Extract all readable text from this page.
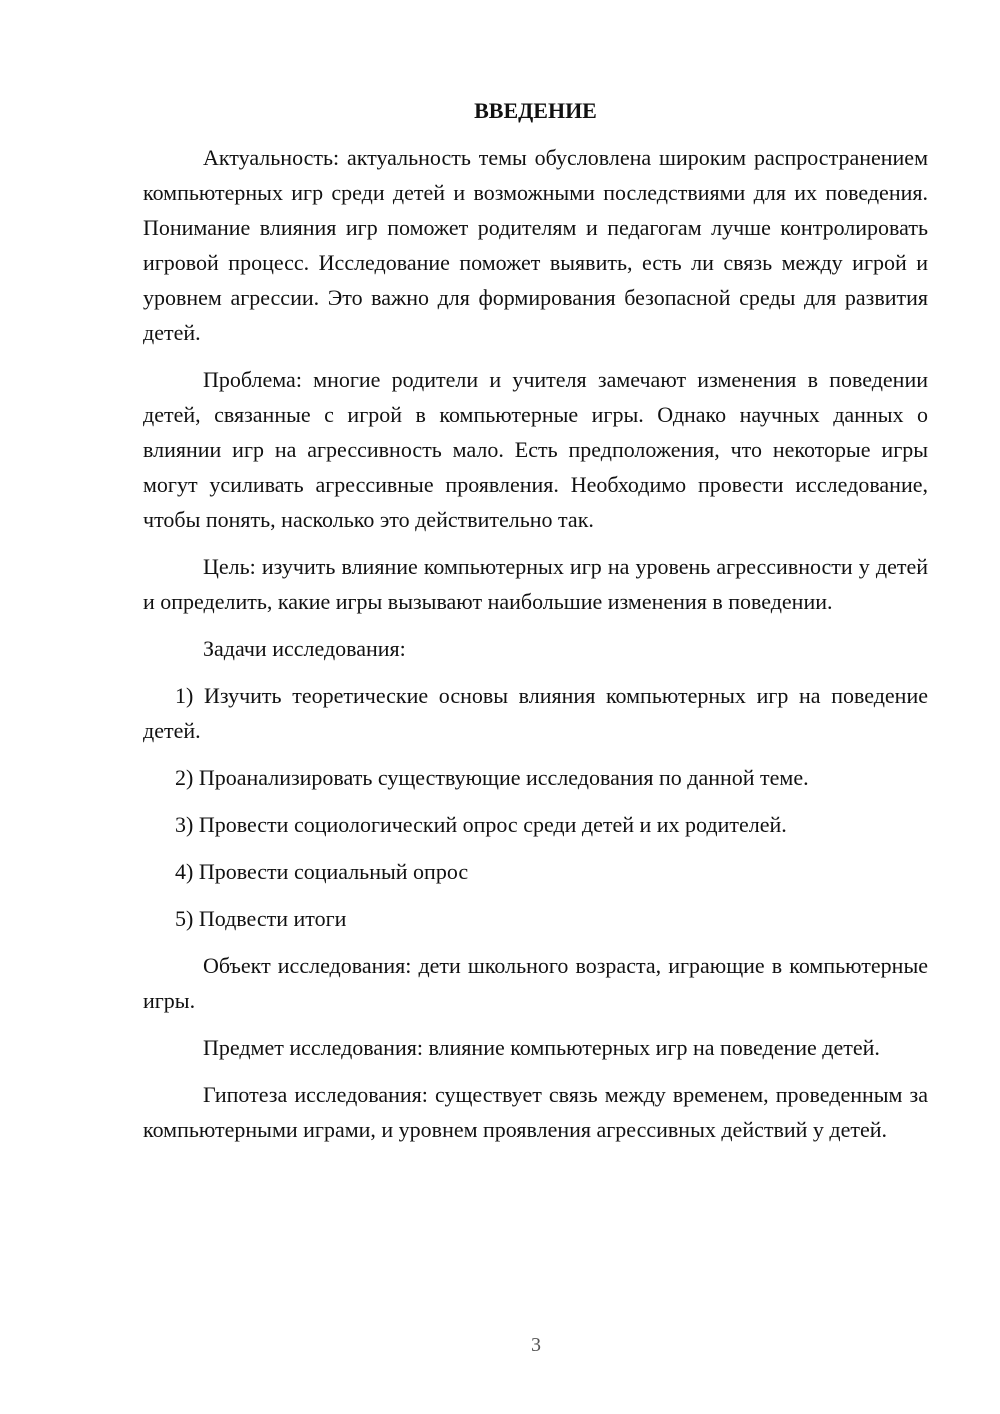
ВВЕДЕНИЕ

Актуальность: актуальность темы обусловлена широким распространением компьютерных игр среди детей и возможными последствиями для их поведения. Понимание влияния игр поможет родителям и педагогам лучше контролировать игровой процесс. Исследование поможет выявить, есть ли связь между игрой и уровнем агрессии. Это важно для формирования безопасной среды для развития детей.

Проблема: многие родители и учителя замечают изменения в поведении детей, связанные с игрой в компьютерные игры. Однако научных данных о влиянии игр на агрессивность мало. Есть предположения, что некоторые игры могут усиливать агрессивные проявления. Необходимо провести исследование, чтобы понять, насколько это действительно так.

Цель: изучить влияние компьютерных игр на уровень агрессивности у детей и определить, какие игры вызывают наибольшие изменения в поведении.

Задачи исследования:

1) Изучить теоретические основы влияния компьютерных игр на поведение детей.

2) Проанализировать существующие исследования по данной теме.

3) Провести социологический опрос среди детей и их родителей.

4) Провести социальный опрос

5) Подвести итоги

Объект исследования: дети школьного возраста, играющие в компьютерные игры.

Предмет исследования: влияние компьютерных игр на поведение детей.

Гипотеза исследования: существует связь между временем, проведенным за компьютерными играми, и уровнем проявления агрессивных действий у детей.

3
